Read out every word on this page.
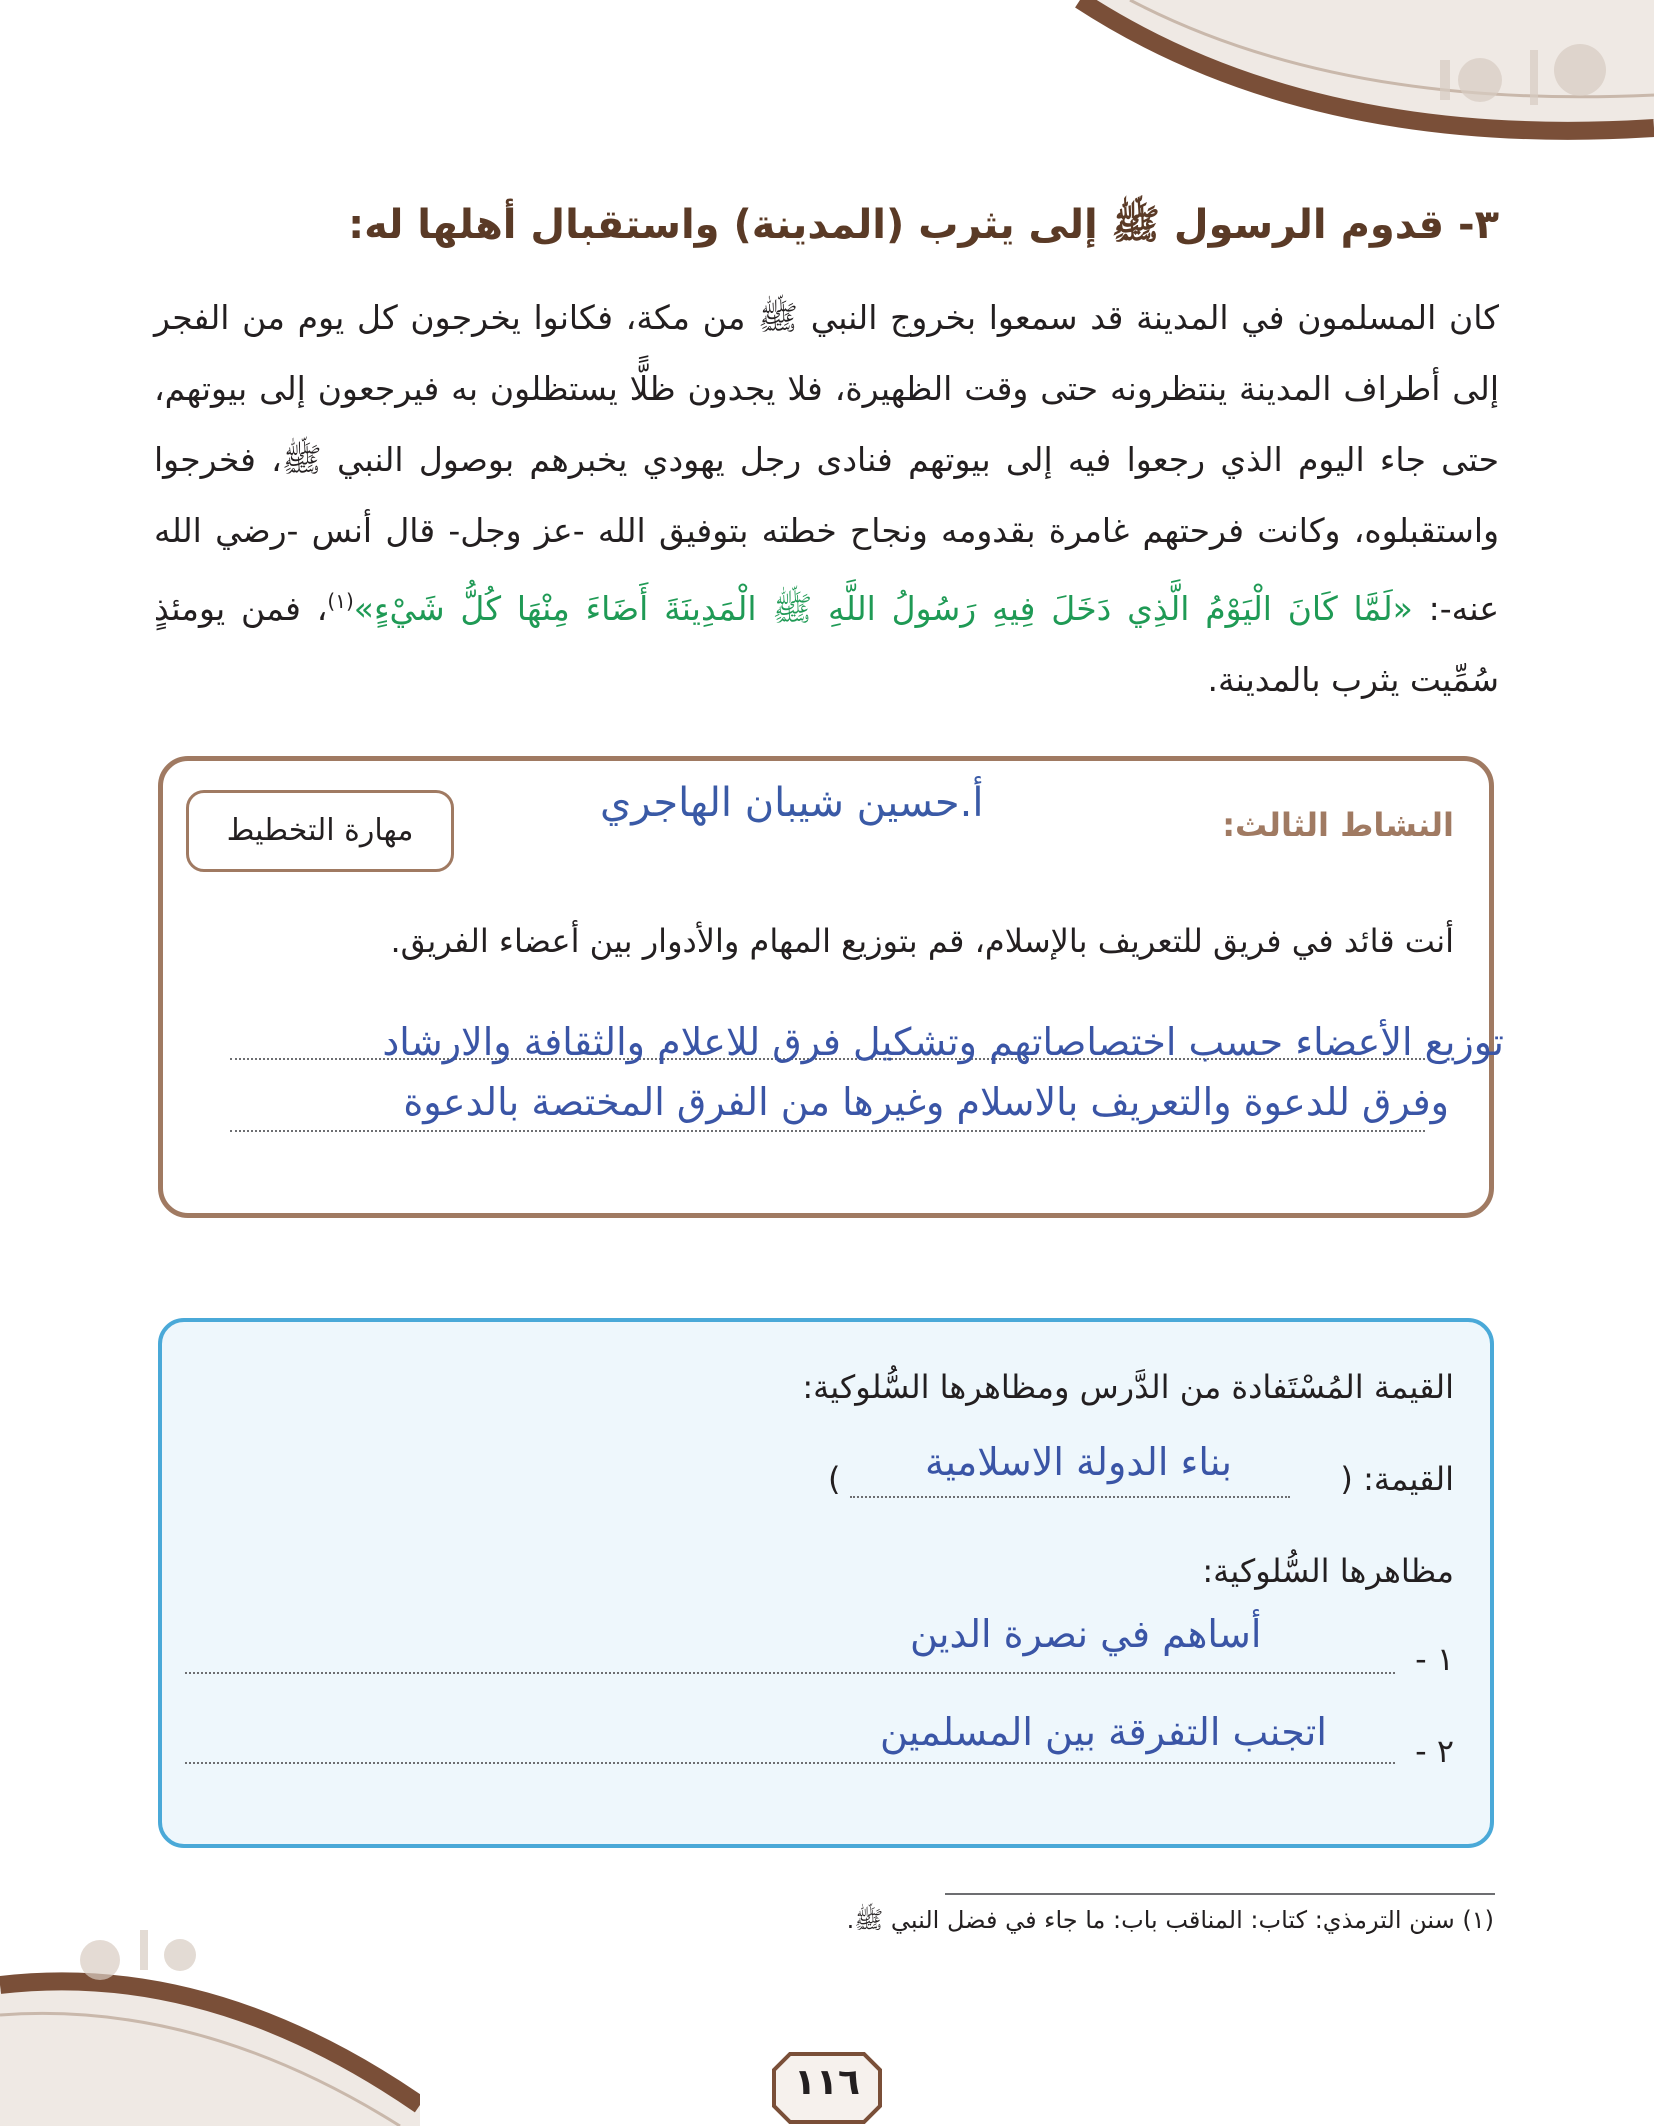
٣- قدوم الرسول ﷺ إلى يثرب (المدينة) واستقبال أهلها له:
كان المسلمون في المدينة قد سمعوا بخروج النبي ﷺ من مكة، فكانوا يخرجون كل يوم من الفجر إلى أطراف المدينة ينتظرونه حتى وقت الظهيرة، فلا يجدون ظلًّا يستظلون به فيرجعون إلى بيوتهم، حتى جاء اليوم الذي رجعوا فيه إلى بيوتهم فنادى رجل يهودي يخبرهم بوصول النبي ﷺ، فخرجوا واستقبلوه، وكانت فرحتهم غامرة بقدومه ونجاح خطته بتوفيق الله -عز وجل- قال أنس -رضي الله عنه-: «لَمَّا كَانَ الْيَوْمُ الَّذِي دَخَلَ فِيهِ رَسُولُ اللَّهِ ﷺ الْمَدِينَةَ أَضَاءَ مِنْهَا كُلُّ شَيْءٍ»$^{(١)}$، فمن يومئذٍ سُمِّيت يثرب بالمدينة.
مهارة التخطيط	النشاط الثالث:
أ.حسين شيبان الهاجري
أنت قائد في فريق للتعريف بالإسلام، قم بتوزيع المهام والأدوار بين أعضاء الفريق.
توزيع الأعضاء حسب اختصاصاتهم وتشكيل فرق للاعلام والثقافة والارشاد
وفرق للدعوة والتعريف بالاسلام وغيرها من الفرق المختصة بالدعوة
القيمة المُسْتَفادة من الدَّرس ومظاهرها السُّلوكية:
القيمة: (
) بناء الدولة الاسلامية
مظاهرها السُّلوكية:
١ -
أساهم في نصرة الدين
٢ -
اتجنب التفرقة بين المسلمين
(١) سنن الترمذي: كتاب: المناقب باب: ما جاء في فضل النبي ﷺ.
١١٦
